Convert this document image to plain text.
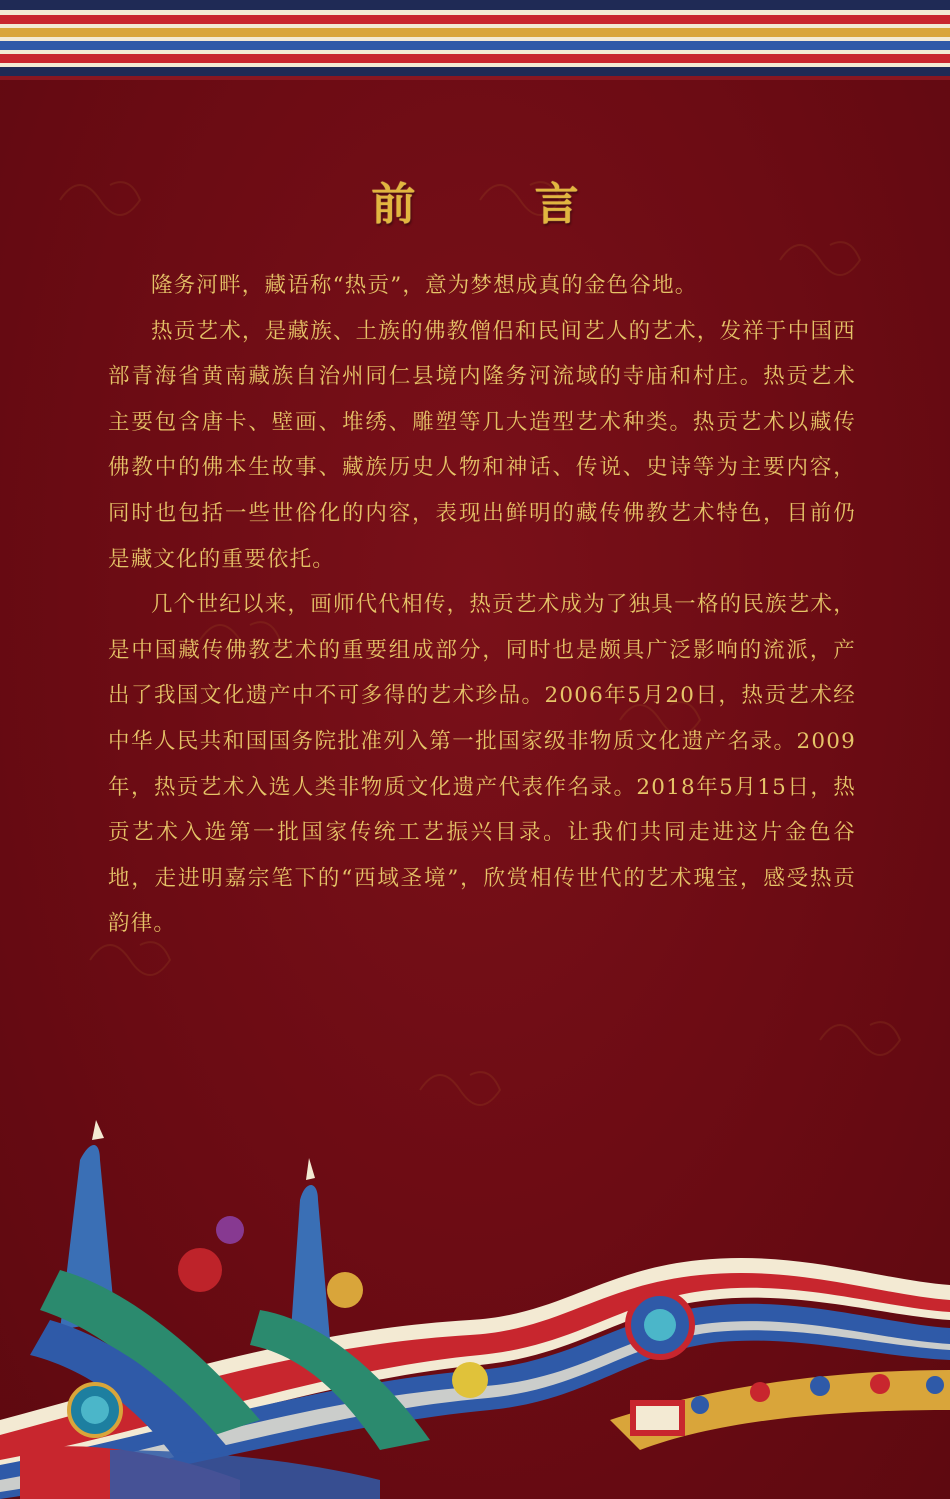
前 言

隆务河畔，藏语称“热贡”，意为梦想成真的金色谷地。

热贡艺术，是藏族、土族的佛教僧侣和民间艺人的艺术，发祥于中国西部青海省黄南藏族自治州同仁县境内隆务河流域的寺庙和村庄。热贡艺术主要包含唐卡、壁画、堆绣、雕塑等几大造型艺术种类。热贡艺术以藏传佛教中的佛本生故事、藏族历史人物和神话、传说、史诗等为主要内容，同时也包括一些世俗化的内容，表现出鲜明的藏传佛教艺术特色，目前仍是藏文化的重要依托。

几个世纪以来，画师代代相传，热贡艺术成为了独具一格的民族艺术，是中国藏传佛教艺术的重要组成部分，同时也是颇具广泛影响的流派，产出了我国文化遗产中不可多得的艺术珍品。2006年5月20日，热贡艺术经中华人民共和国国务院批准列入第一批国家级非物质文化遗产名录。2009年，热贡艺术入选人类非物质文化遗产代表作名录。2018年5月15日，热贡艺术入选第一批国家传统工艺振兴目录。让我们共同走进这片金色谷地，走进明嘉宗笔下的“西域圣境”，欣赏相传世代的艺术瑰宝，感受热贡韵律。
